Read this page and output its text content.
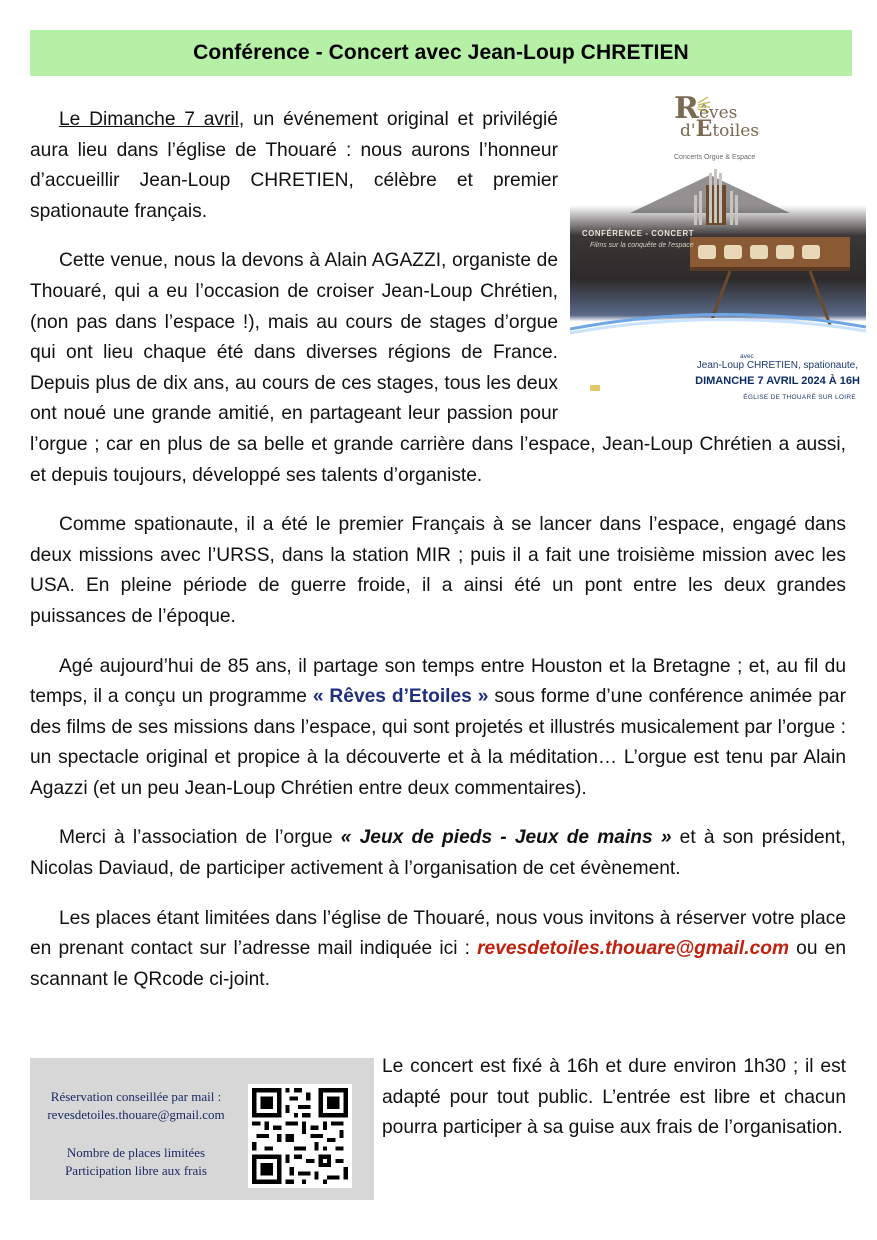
Conférence - Concert avec Jean-Loup CHRETIEN
Rêves
d'Etoiles
Concerts Orgue & Espace
CONFÉRENCE - CONCERT
Films sur la conquête de l'espace
avec
Jean-Loup CHRETIEN, spationaute,
DIMANCHE 7 AVRIL 2024 À 16H
ÉGLISE DE THOUARÉ SUR LOIRE

Le Dimanche 7 avril, un événement original et privilégié aura lieu dans l’église de Thouaré : nous aurons l’honneur d’accueillir Jean-Loup CHRETIEN, célèbre et premier spationaute français.

Cette venue, nous la devons à Alain AGAZZI, organiste de Thouaré, qui a eu l’occasion de croiser Jean-Loup Chrétien, (non pas dans l’espace !), mais au cours de stages d’orgue qui ont lieu chaque été dans diverses régions de France. Depuis plus de dix ans, au cours de ces stages, tous les deux ont noué une grande amitié, en partageant leur passion pour l’orgue ; car en plus de sa belle et grande carrière dans l’espace, Jean-Loup Chrétien a aussi, et depuis toujours, développé ses talents d’organiste.

Comme spationaute, il a été le premier Français à se lancer dans l’espace, engagé dans deux missions avec l’URSS, dans la station MIR ; puis il a fait une troisième mission avec les USA. En pleine période de guerre froide, il a ainsi été un pont entre les deux grandes puissances de l’époque.

Agé aujourd’hui de 85 ans, il partage son temps entre Houston et la Bretagne ; et, au fil du temps, il a conçu un programme « Rêves d’Etoiles » sous forme d’une conférence animée par des films de ses missions dans l’espace, qui sont projetés et illustrés musicalement par l’orgue : un spectacle original et propice à la découverte et à la méditation… L’orgue est tenu par Alain Agazzi (et un peu Jean-Loup Chrétien entre deux commentaires).

Merci à l’association de l’orgue « Jeux de pieds - Jeux de mains » et à son président, Nicolas Daviaud, de participer activement à l’organisation de cet évènement.

Les places étant limitées dans l’église de Thouaré, nous vous invitons à réserver votre place en prenant contact sur l’adresse mail indiquée ici : revesdetoiles.thouare@gmail.com ou en scannant le QRcode ci-joint.

Réservation conseillée par mail :
revesdetoiles.thouare@gmail.com
Nombre de places limitées
Participation libre aux frais

Le concert est fixé à 16h et dure environ 1h30 ; il est adapté pour tout public. L’entrée est libre et chacun pourra participer à sa guise aux frais de l’organisation.
